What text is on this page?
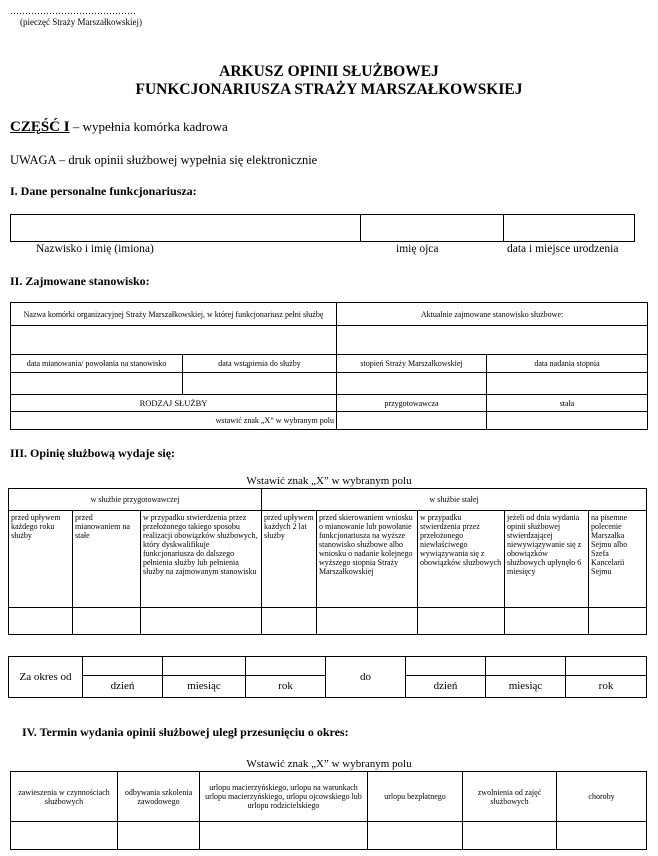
……………………………………
(pieczęć Straży Marszałkowskiej)
ARKUSZ OPINII SŁUŻBOWEJ
FUNKCJONARIUSZA STRAŻY MARSZAŁKOWSKIEJ
CZĘŚĆ I – wypełnia komórka kadrowa
UWAGA – druk opinii służbowej wypełnia się elektronicznie
I. Dane personalne funkcjonariusza:

Nazwisko i imię (imiona)	imię ojca	data i miejsce urodzenia
II. Zajmowane stanowisko:
Nazwa komórki organizacyjnej Straży Marszałkowskiej, w której funkcjonariusz pełni służbę		Aktualnie zajmowane stanowisko służbowe:	

data mianowania/ powołania na stanowisko	data wstąpienia do służby	stopień Straży Marszałkowskiej	data nadania stopnia

RODZAJ SŁUŻBY		przygotowawcza	stała
wstawić znak „X” w wybranym polu			
III. Opinię służbową wydaje się:
Wstawić znak „X” w wybranym polu
w służbie przygotowawczej			w służbie stałej				
przed upływem każdego roku służby	przed mianowaniem na stałe	w przypadku stwierdzenia przez przełożonego takiego sposobu realizacji obowiązków służbowych, który dyskwalifikuje funkcjonariusza do dalszego pełnienia służby lub pełnienia służby na zajmowanym stanowisku	przed upływem każdych 2 lat służby	przed skierowaniem wniosku o mianowanie lub powołanie funkcjonariusza na wyższe stanowisko służbowe albo wniosku o nadanie kolejnego wyższego stopnia Straży Marszałkowskiej	w przypadku stwierdzenia przez przełożonego niewłaściwego wywiązywania się z obowiązków służbowych	jeżeli od dnia wydania opinii służbowej stwierdzającej niewywiązywanie się z obowiązków służbowych upłynęło 6 miesięcy	na pisemne polecenie Marszałka Sejmu albo Szefa Kancelarii Sejmu

Za okres od				do			
	dzień	miesiąc	rok		dzień	miesiąc	rok
IV. Termin wydania opinii służbowej uległ przesunięciu o okres:
Wstawić znak „X” w wybranym polu
zawieszenia w czynnościach służbowych	odbywania szkolenia zawodowego	urlopu macierzyńskiego, urlopu na warunkach urlopu macierzyńskiego, urlopu ojcowskiego lub urlopu rodzicielskiego	urlopu bezpłatnego	zwolnienia od zajęć służbowych	choroby
